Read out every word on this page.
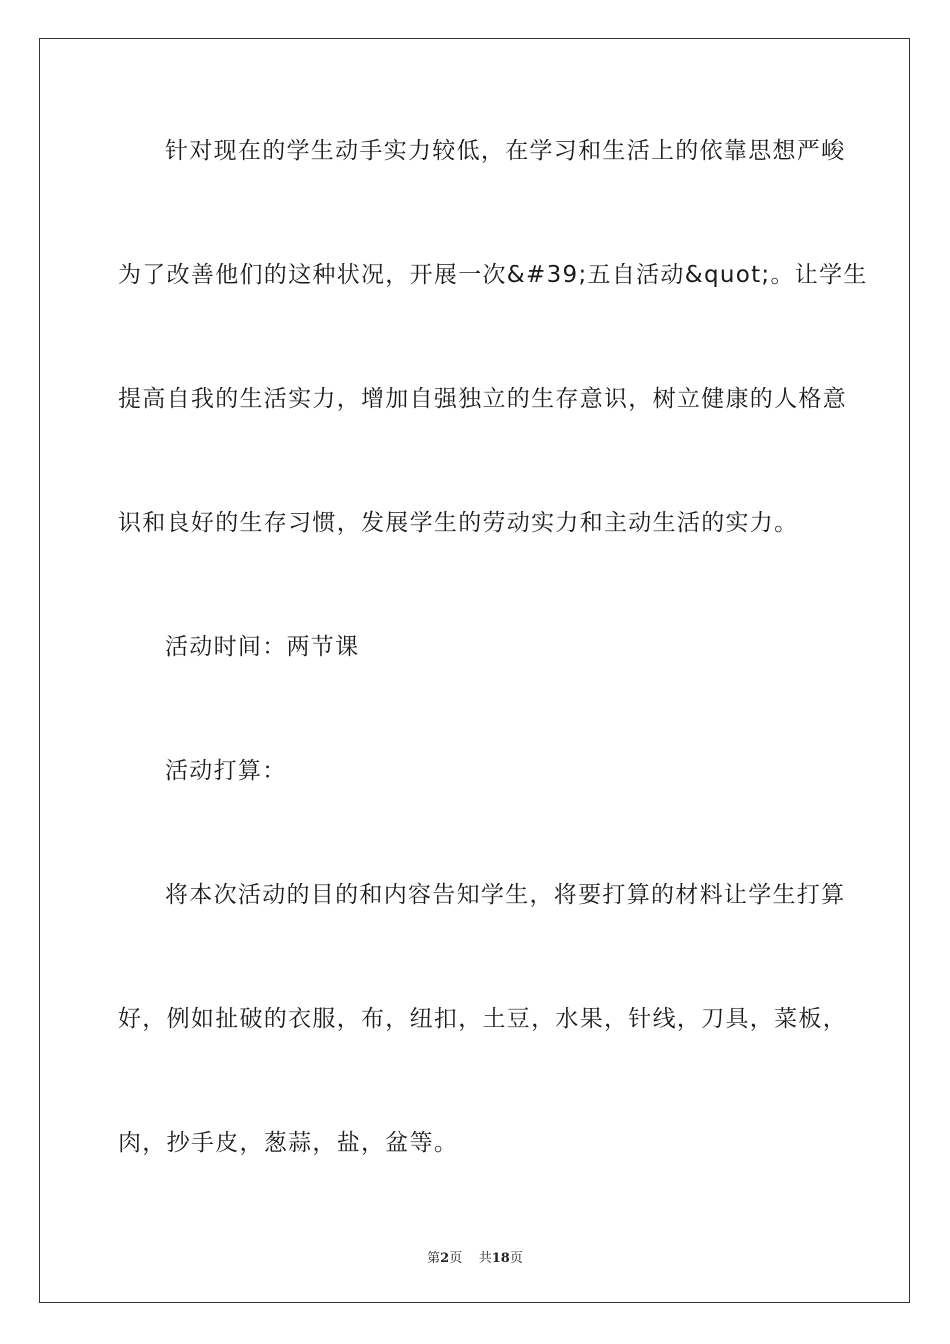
针对现在的学生动手实力较低，在学习和生活上的依靠思想严峻
为了改善他们的这种状况，开展一次&#39;五自活动&quot;。让学生
提高自我的生活实力，增加自强独立的生存意识，树立健康的人格意
识和良好的生存习惯，发展学生的劳动实力和主动生活的实力。
活动时间：两节课
活动打算：
将本次活动的目的和内容告知学生，将要打算的材料让学生打算
好，例如扯破的衣服，布，纽扣，土豆，水果，针线，刀具，菜板，
肉，抄手皮，葱蒜，盐，盆等。
第2页 共18页
